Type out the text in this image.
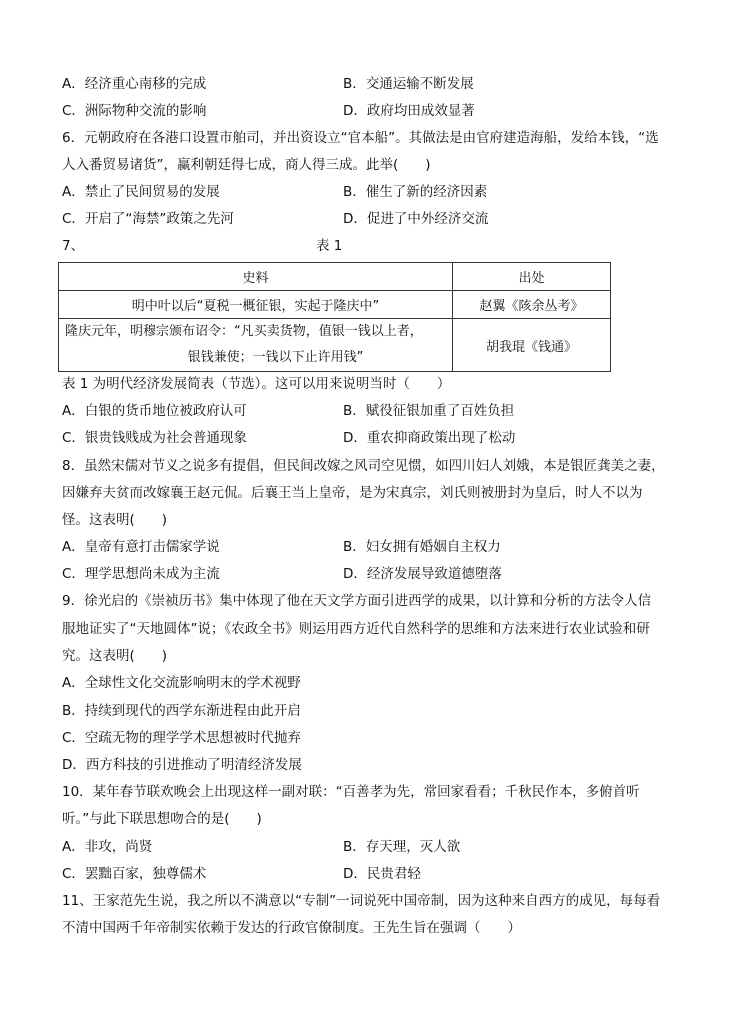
A．经济重心南移的完成	B．交通运输不断发展
C．洲际物种交流的影响	D．政府均田成效显著
6．元朝政府在各港口设置市舶司，并出资设立“官本船”。其做法是由官府建造海船，发给本钱，“选
人入番贸易诸货”，赢利朝廷得七成，商人得三成。此举(　　)
A．禁止了民间贸易的发展	B．催生了新的经济因素
C．开启了“海禁”政策之先河	D．促进了中外经济交流
7、	表 1
史料	出处
明中叶以后“夏税一概征银，实起于隆庆中”	赵翼《陔余丛考》

隆庆元年，明穆宗颁布诏令：“凡买卖货物，值银一钱以上者，
银钱兼使；一钱以下止许用钱”	胡我琨《钱通》
表 1 为明代经济发展简表（节选）。这可以用来说明当时（　　）
A．白银的货币地位被政府认可	B．赋役征银加重了百姓负担
C．银贵钱贱成为社会普通现象	D．重农抑商政策出现了松动
8．虽然宋儒对节义之说多有提倡，但民间改嫁之风司空见惯，如四川妇人刘娥，本是银匠龚美之妻，
因嫌弃夫贫而改嫁襄王赵元侃。后襄王当上皇帝，是为宋真宗，刘氏则被册封为皇后，时人不以为
怪。这表明(　　)
A．皇帝有意打击儒家学说	B．妇女拥有婚姻自主权力
C．理学思想尚未成为主流	D．经济发展导致道德堕落
9．徐光启的《崇祯历书》集中体现了他在天文学方面引进西学的成果，以计算和分析的方法令人信
服地证实了“天地圆体”说；《农政全书》则运用西方近代自然科学的思维和方法来进行农业试验和研
究。这表明(　　)
A．全球性文化交流影响明末的学术视野
B．持续到现代的西学东渐进程由此开启
C．空疏无物的理学学术思想被时代抛弃
D．西方科技的引进推动了明清经济发展
10．某年春节联欢晚会上出现这样一副对联：“百善孝为先，常回家看看；千秋民作本，多俯首听
听。”与此下联思想吻合的是(　　)
A．非攻，尚贤	B．存天理，灭人欲
C．罢黜百家，独尊儒术	D．民贵君轻
11、王家范先生说，我之所以不满意以“专制”一词说死中国帝制，因为这种来自西方的成见，每每看
不清中国两千年帝制实依赖于发达的行政官僚制度。王先生旨在强调（　　）
